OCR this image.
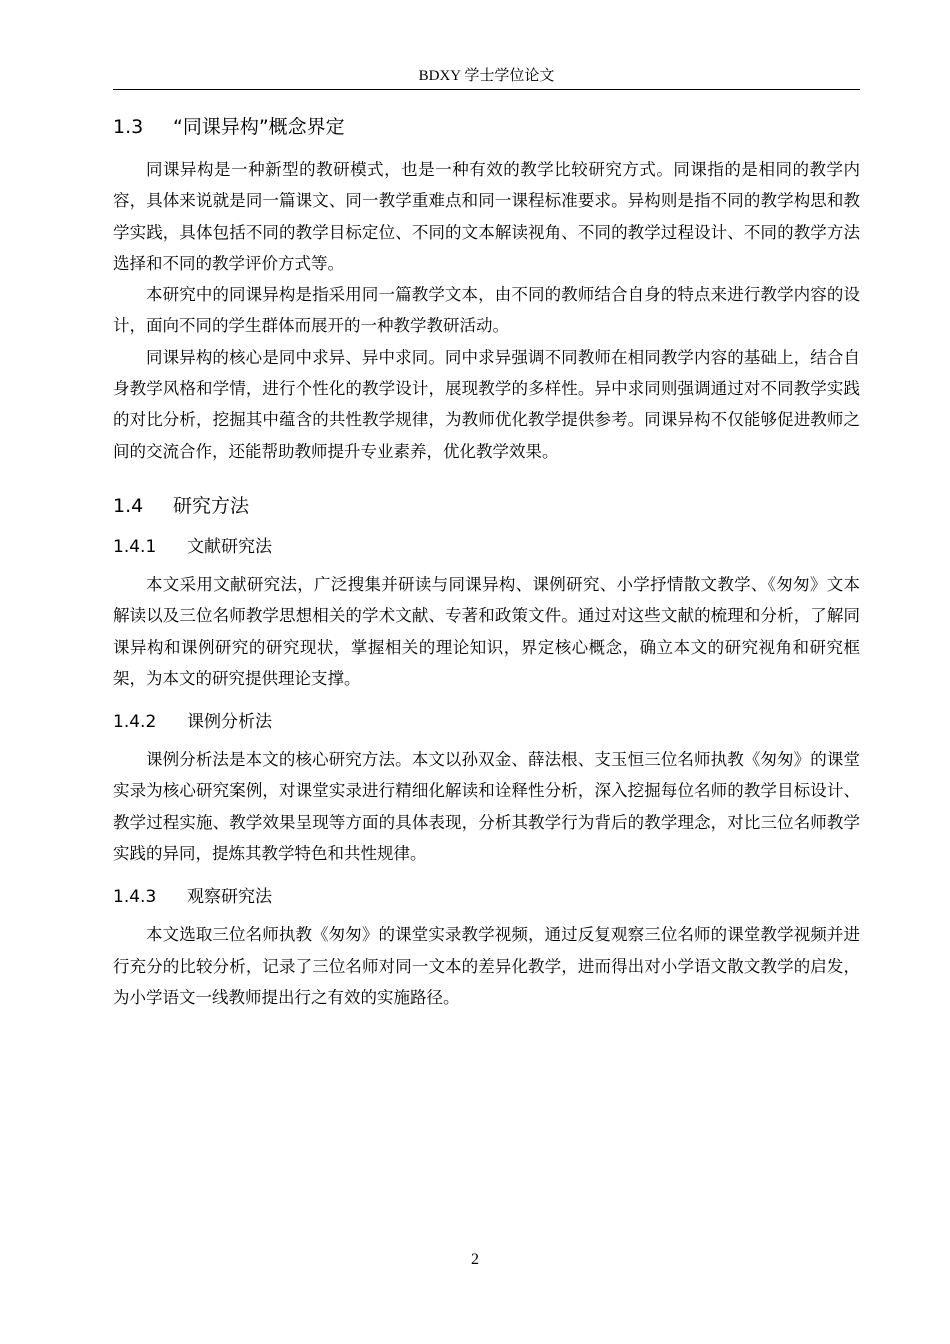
BDXY 学士学位论文
1.3 “同课异构”概念界定

同课异构是一种新型的教研模式，也是一种有效的教学比较研究方式。同课指的是相同的教学内容，具体来说就是同一篇课文、同一教学重难点和同一课程标准要求。异构则是指不同的教学构思和教学实践，具体包括不同的教学目标定位、不同的文本解读视角、不同的教学过程设计、不同的教学方法选择和不同的教学评价方式等。

本研究中的同课异构是指采用同一篇教学文本，由不同的教师结合自身的特点来进行教学内容的设计，面向不同的学生群体而展开的一种教学教研活动。

同课异构的核心是同中求异、异中求同。同中求异强调不同教师在相同教学内容的基础上，结合自身教学风格和学情，进行个性化的教学设计，展现教学的多样性。异中求同则强调通过对不同教学实践的对比分析，挖掘其中蕴含的共性教学规律，为教师优化教学提供参考。同课异构不仅能够促进教师之间的交流合作，还能帮助教师提升专业素养，优化教学效果。

1.4 研究方法
1.4.1 文献研究法

本文采用文献研究法，广泛搜集并研读与同课异构、课例研究、小学抒情散文教学、《匆匆》文本解读以及三位名师教学思想相关的学术文献、专著和政策文件。通过对这些文献的梳理和分析，了解同课异构和课例研究的研究现状，掌握相关的理论知识，界定核心概念，确立本文的研究视角和研究框架，为本文的研究提供理论支撑。

1.4.2 课例分析法

课例分析法是本文的核心研究方法。本文以孙双金、薛法根、支玉恒三位名师执教《匆匆》的课堂实录为核心研究案例，对课堂实录进行精细化解读和诠释性分析，深入挖掘每位名师的教学目标设计、教学过程实施、教学效果呈现等方面的具体表现，分析其教学行为背后的教学理念，对比三位名师教学实践的异同，提炼其教学特色和共性规律。

1.4.3 观察研究法

本文选取三位名师执教《匆匆》的课堂实录教学视频，通过反复观察三位名师的课堂教学视频并进行充分的比较分析，记录了三位名师对同一文本的差异化教学，进而得出对小学语文散文教学的启发，为小学语文一线教师提出行之有效的实施路径。

2
